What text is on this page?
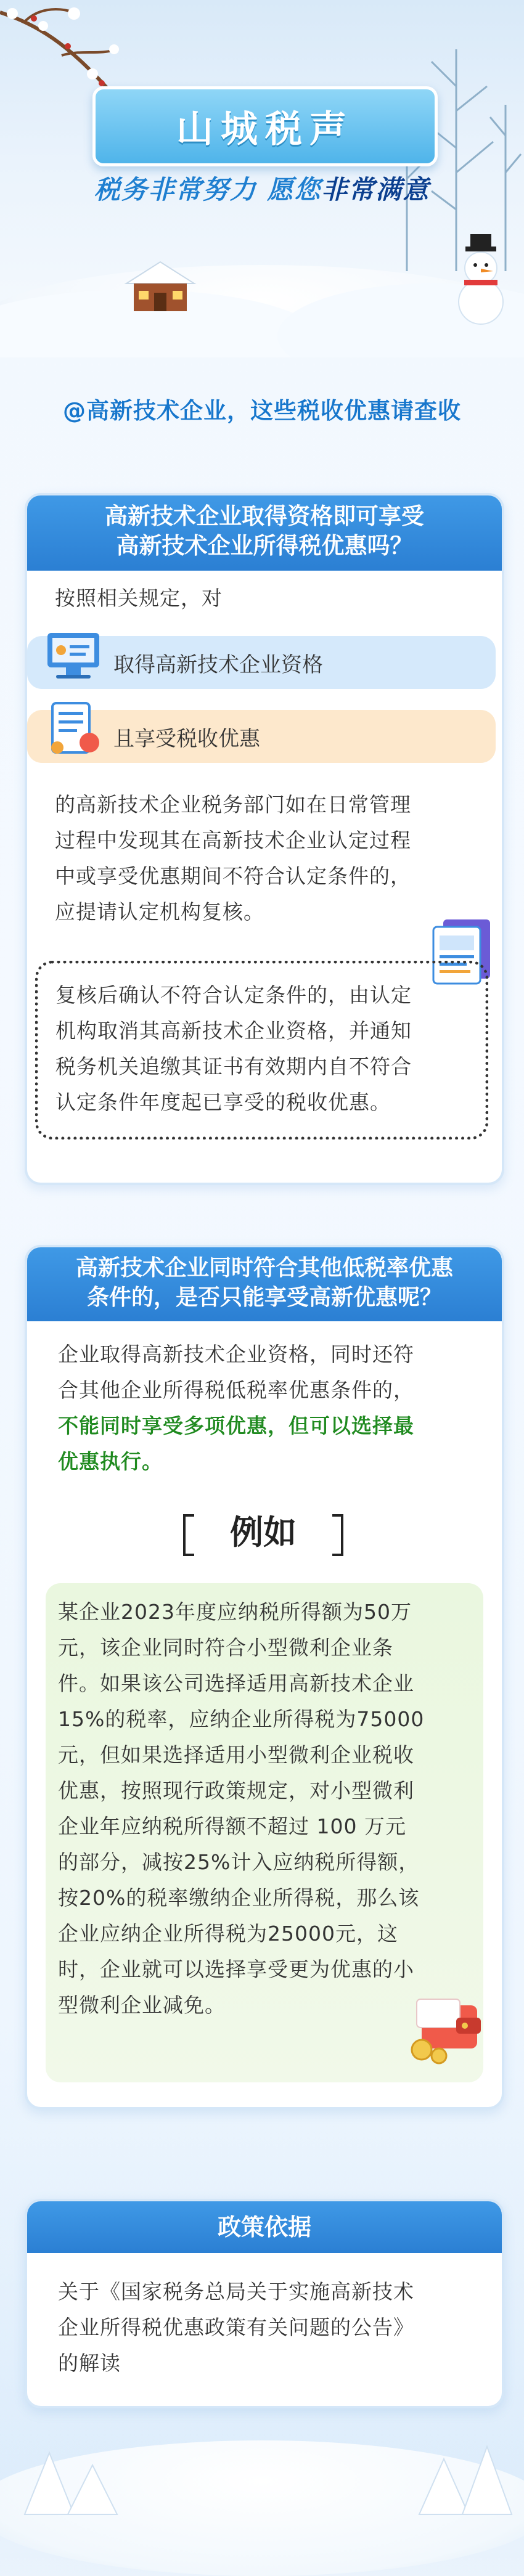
山城税声
税务非常努力 愿您非常满意
@高新技术企业，这些税收优惠请查收
高新技术企业取得资格即可享受
高新技术企业所得税优惠吗？
按照相关规定，对
取得高新技术企业资格
且享受税收优惠
的高新技术企业税务部门如在日常管理
过程中发现其在高新技术企业认定过程
中或享受优惠期间不符合认定条件的，
应提请认定机构复核。
复核后确认不符合认定条件的，由认定
机构取消其高新技术企业资格，并通知
税务机关追缴其证书有效期内自不符合
认定条件年度起已享受的税收优惠。
高新技术企业同时符合其他低税率优惠
条件的，是否只能享受高新优惠呢？
企业取得高新技术企业资格，同时还符
合其他企业所得税低税率优惠条件的，
不能同时享受多项优惠，但可以选择最
优惠执行。
例如
某企业2023年度应纳税所得额为50万
元，该企业同时符合小型微利企业条
件。如果该公司选择适用高新技术企业
15%的税率，应纳企业所得税为75000
元，但如果选择适用小型微利企业税收
优惠，按照现行政策规定，对小型微利
企业年应纳税所得额不超过 100 万元
的部分，减按25%计入应纳税所得额，
按20%的税率缴纳企业所得税，那么该
企业应纳企业所得税为25000元，这
时，企业就可以选择享受更为优惠的小
型微利企业减免。
政策依据
关于《国家税务总局关于实施高新技术
企业所得税优惠政策有关问题的公告》
的解读
